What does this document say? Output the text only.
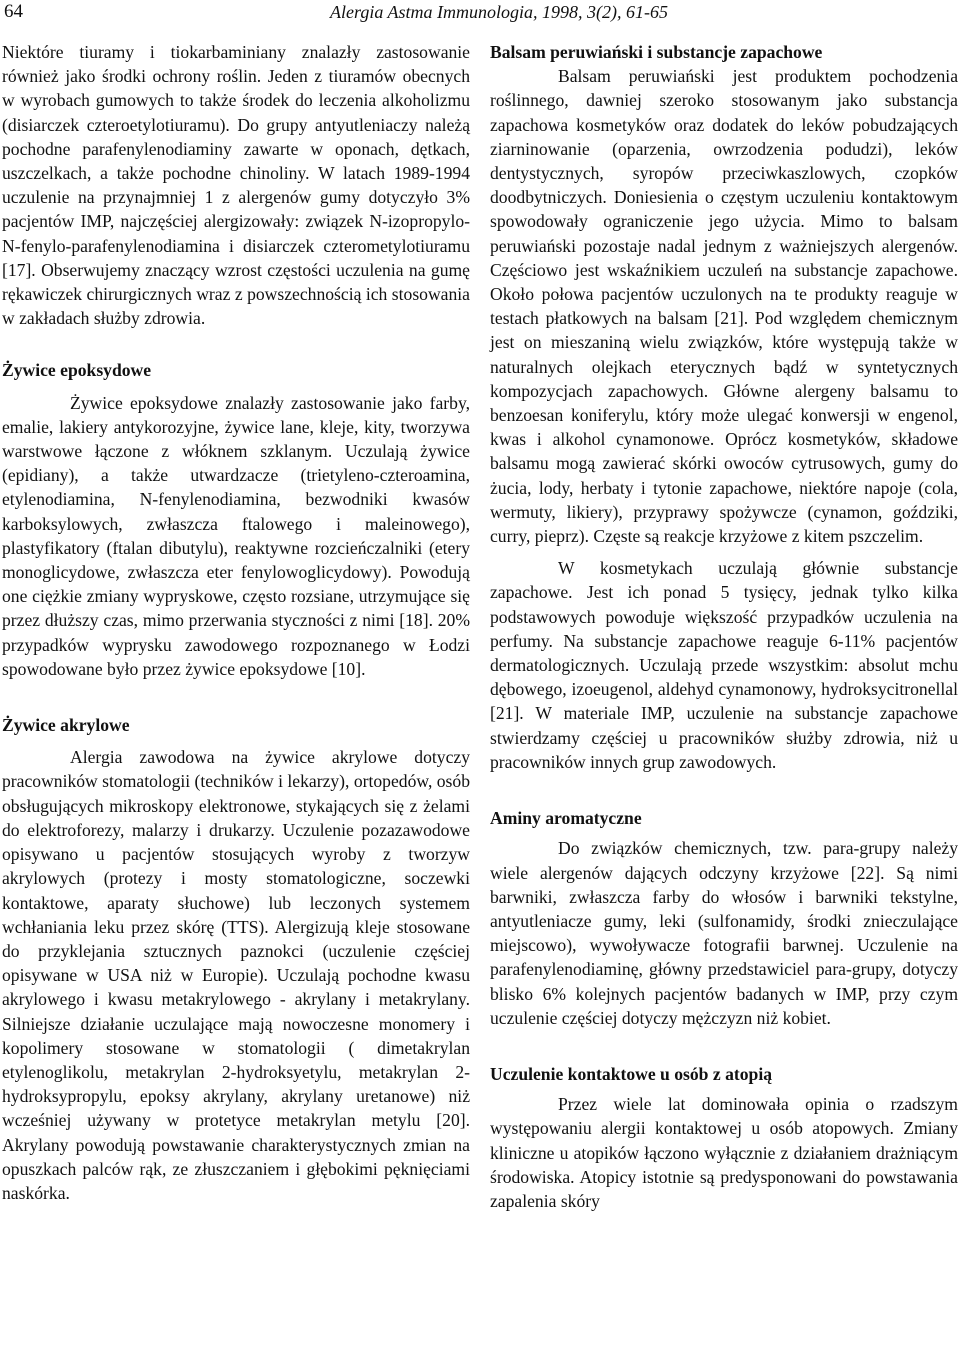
64	Alergia Astma Immunologia, 1998, 3(2), 61-65

Niektóre tiuramy i tiokarbaminiany znalazły zastosowanie również jako środki ochrony roślin. Jeden z tiuramów obecnych w wyrobach gumowych to także środek do leczenia alkoholizmu (disiarczek czteroetylotiuramu). Do grupy antyutleniaczy należą pochodne parafenylenodiaminy zawarte w oponach, dętkach, uszczelkach, a także pochodne chinoliny. W latach 1989-1994 uczulenie na przynajmniej 1 z alergenów gumy dotyczyło 3% pacjentów IMP, najczęściej alergizowały: związek N-izopropylo-N-fenylo-parafenylenodiamina i disiarczek czterometylotiuramu [17]. Obserwujemy znaczący wzrost częstości uczulenia na gumę rękawiczek chirurgicznych wraz z powszechnością ich stosowania w zakładach służby zdrowia.

Żywice epoksydowe

Żywice epoksydowe znalazły zastosowanie jako farby, emalie, lakiery antykorozyjne, żywice lane, kleje, kity, tworzywa warstwowe łączone z włóknem szklanym. Uczulają żywice (epidiany), a także utwardzacze (trietyleno-czteroamina, etylenodiamina, N-fenylenodiamina, bezwodniki kwasów karboksylowych, zwłaszcza ftalowego i maleinowego), plastyfikatory (ftalan dibutylu), reaktywne rozcieńczalniki (etery monoglicydowe, zwłaszcza eter fenylowoglicydowy). Powodują one ciężkie zmiany wypryskowe, często rozsiane, utrzymujące się przez dłuższy czas, mimo przerwania styczności z nimi [18]. 20% przypadków wyprysku zawodowego rozpoznanego w Łodzi spowodowane było przez żywice epoksydowe [10].

Żywice akrylowe

Alergia zawodowa na żywice akrylowe dotyczy pracowników stomatologii (techników i lekarzy), ortopedów, osób obsługujących mikroskopy elektronowe, stykających się z żelami do elektroforezy, malarzy i drukarzy. Uczulenie pozazawodowe opisywano u pacjentów stosujących wyroby z tworzyw akrylowych (protezy i mosty stomatologiczne, soczewki kontaktowe, aparaty słuchowe) lub leczonych systemem wchłaniania leku przez skórę (TTS). Alergizują kleje stosowane do przyklejania sztucznych paznokci (uczulenie częściej opisywane w USA niż w Europie). Uczulają pochodne kwasu akrylowego i kwasu metakrylowego - akrylany i metakrylany. Silniejsze działanie uczulające mają nowoczesne monomery i kopolimery stosowane w stomatologii ( dimetakrylan etylenoglikolu, metakrylan 2-hydroksyetylu, metakrylan 2-hydroksypropylu, epoksy akrylany, akrylany uretanowe) niż wcześniej używany w protetyce metakrylan metylu [20]. Akrylany powodują powstawanie charakterystycznych zmian na opuszkach palców rąk, ze złuszczaniem i głębokimi pęknięciami naskórka.

Balsam peruwiański i substancje zapachowe

Balsam peruwiański jest produktem pochodzenia roślinnego, dawniej szeroko stosowanym jako substancja zapachowa kosmetyków oraz dodatek do leków pobudzających ziarninowanie (oparzenia, owrzodzenia podudzi), leków dentystycznych, syropów przeciwkaszlowych, czopków doodbytniczych. Doniesienia o częstym uczuleniu kontaktowym spowodowały ograniczenie jego użycia. Mimo to balsam peruwiański pozostaje nadal jednym z ważniejszych alergenów. Częściowo jest wskaźnikiem uczuleń na substancje zapachowe. Około połowa pacjentów uczulonych na te produkty reaguje w testach płatkowych na balsam [21]. Pod względem chemicznym jest on mieszaniną wielu związków, które występują także w naturalnych olejkach eterycznych bądź w syntetycznych kompozycjach zapachowych. Główne alergeny balsamu to benzoesan koniferylu, który może ulegać konwersji w engenol, kwas i alkohol cynamonowe. Oprócz kosmetyków, składowe balsamu mogą zawierać skórki owoców cytrusowych, gumy do żucia, lody, herbaty i tytonie zapachowe, niektóre napoje (cola, wermuty, likiery), przyprawy spożywcze (cynamon, goździki, curry, pieprz). Częste są reakcje krzyżowe z kitem pszczelim.

W kosmetykach uczulają głównie substancje zapachowe. Jest ich ponad 5 tysięcy, jednak tylko kilka podstawowych powoduje większość przypadków uczulenia na perfumy. Na substancje zapachowe reaguje 6-11% pacjentów dermatologicznych. Uczulają przede wszystkim: absolut mchu dębowego, izoeugenol, aldehyd cynamonowy, hydroksycitronellal [21]. W materiale IMP, uczulenie na substancje zapachowe stwierdzamy częściej u pracowników służby zdrowia, niż u pracowników innych grup zawodowych.

Aminy aromatyczne

Do związków chemicznych, tzw. para-grupy należy wiele alergenów dających odczyny krzyżowe [22]. Są nimi barwniki, zwłaszcza farby do włosów i barwniki tekstylne, antyutleniacze gumy, leki (sulfonamidy, środki znieczulające miejscowo), wywoływacze fotografii barwnej. Uczulenie na parafenylenodiaminę, główny przedstawiciel para-grupy, dotyczy blisko 6% kolejnych pacjentów badanych w IMP, przy czym uczulenie częściej dotyczy mężczyzn niż kobiet.

Uczulenie kontaktowe u osób z atopią

Przez wiele lat dominowała opinia o rzadszym występowaniu alergii kontaktowej u osób atopowych. Zmiany kliniczne u atopików łączono wyłącznie z działaniem drażniącym środowiska. Atopicy istotnie są predysponowani do powstawania zapalenia skóry
